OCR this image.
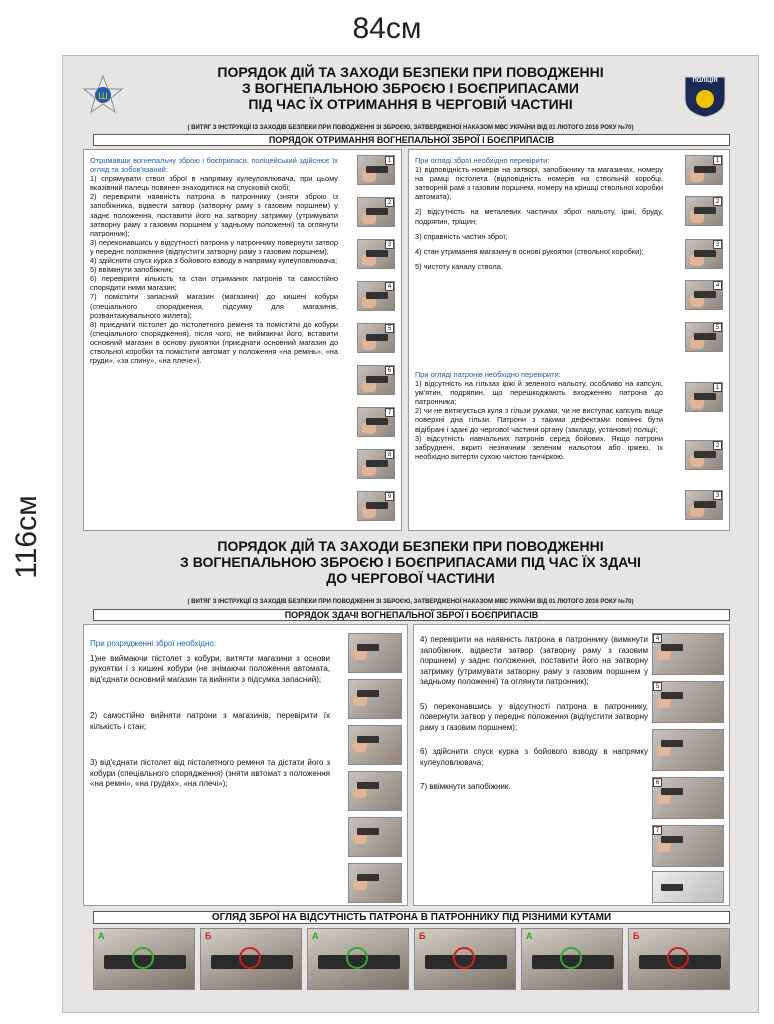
84см
116см
Ш
ПОЛІЦІЯ
ПОРЯДОК ДІЙ ТА ЗАХОДИ БЕЗПЕКИ ПРИ ПОВОДЖЕННІ
З ВОГНЕПАЛЬНОЮ ЗБРОЄЮ І БОЄПРИПАСАМИ
ПІД ЧАС ЇХ ОТРИМАННЯ В ЧЕРГОВІЙ ЧАСТИНІ
( ВИТЯГ З ІНСТРУКЦІЇ ІЗ ЗАХОДІВ БЕЗПЕКИ ПРИ ПОВОДЖЕННІ ЗІ ЗБРОЄЮ, ЗАТВЕРДЖЕНОЇ НАКАЗОМ МВС УКРАЇНИ ВІД 01 ЛЮТОГО 2016 РОКУ №70)
ПОРЯДОК ОТРИМАННЯ ВОГНЕПАЛЬНОЇ ЗБРОЇ І БОЄПРИПАСІВ
Отримавши вогнепальну зброю і боєприпаси, поліцейський здійснює їх огляд та зобов'язаний:
1) спрямувати ствол зброї в напрямку кулеуловлювача, при цьому вказівний палець повинен знаходитися на спусковій скобі;
2) перевірити наявність патрона в патроннику (зняти зброю із запобіжника, відвести затвор (затворну раму з газовим поршнем) у заднє положення, поставити його на затворну затримку (утримувати затворну раму з газовим поршнем у задньому положенні) та оглянути патронник);
3) переконавшись у відсутності патрона у патроннику повернути затвор у переднє положення (відпустити затворну раму з газовим поршнем);
4) здійснити спуск курка з бойового взводу в напрямку кулеуловлювача;
5) ввімкнути запобіжник;
6) перевірити кількість та стан отриманих патронів та самостійно спорядити ними магазин;
7) помістити запасний магазин (магазини) до кишені кобури (спеціального спорядження, підсумку для магазинів, розвантажувального жилета);
8) приєднати пістолет до пістолетного ременя та помістити до кобури (спеціального спорядження), після чого, не виймаючи його, вставити основний магазин в основу рукоятки (приєднати основний магазин до ствольної коробки та помістити автомат у положення «на ремінь», «на груди», «за спину», «на плече»).
1
2
3
4
5
6
7
8
9
При огляді зброї необхідно перевірити:
1) відповідність номерів на затворі, запобіжнику та магазинах, номеру на рамці пістолета (відповідність номерів на ствольній коробці, затворній рамі з газовим поршнем, номеру на кришці ствольної коробки автомата);
2) відсутність на металевих частинах зброї нальоту, іржі, бруду, подряпин, тріщин;
3) справність частин зброї;
4) стан утримання магазину в основі рукоятки (ствольної коробки);
5) чистоту каналу ствола.
При огляді патронів необхідно перевірити:
1) відсутність на гільзах іржі й зеленого нальоту, особливо на капсулі, ум'ятин, подряпин, що перешкоджають входженню патрона до патронника;
2) чи не витягується куля з гільзи руками, чи не виступає капсуль вище поверхні дна гільзи. Патрони з такими дефектами повинні бути відібрані і здані до чергової частини органу (закладу, установи) поліції;
3) відсутність навчальних патронів серед бойових. Якщо патрони забруднені, вкриті незначним зеленим нальотом або іржею, їх необхідно витерти сухою чистою ганчіркою.
1
2
3
4
5
1
2
3
ПОРЯДОК ДІЙ ТА ЗАХОДИ БЕЗПЕКИ ПРИ ПОВОДЖЕННІ
З ВОГНЕПАЛЬНОЮ ЗБРОЄЮ І БОЄПРИПАСАМИ ПІД ЧАС ЇХ ЗДАЧІ
ДО ЧЕРГОВОЇ ЧАСТИНИ
( ВИТЯГ З ІНСТРУКЦІЇ ІЗ ЗАХОДІВ БЕЗПЕКИ ПРИ ПОВОДЖЕННІ ЗІ ЗБРОЄЮ, ЗАТВЕРДЖЕНОЇ НАКАЗОМ МВС УКРАЇНИ ВІД 01 ЛЮТОГО 2016 РОКУ №70)
ПОРЯДОК ЗДАЧІ ВОГНЕПАЛЬНОЇ ЗБРОЇ І БОЄПРИПАСІВ
При розрядженні зброї необхідно:
1)не виймаючи пістолет з кобури, витягти магазини з основи рукоятки і з кишені кобури (не знімаючи положення автомата, від'єднати основний магазин та вийняти з підсумка запасний);
2) самостійно вийняти патрони з магазинів, перевірити їх кількість і стан;
3) від'єднати пістолет від пістолетного ременя та дістати його з кобури (спеціального спорядження) (зняти автомат з положення «на ремні», «на грудях», «на плечі»);
4) перевірити на наявність патрона в патроннику (вимкнути запобіжник, відвести затвор (затворну раму з газовим поршнем) у заднє положення, поставити його на затворну затримку (утримувати затворну раму з газовим поршнем у задньому положенні) та оглянути патронник);
5) переконавшись у відсутності патрона в патроннику, повернути затвор у переднє положення (відпустити затворну раму з газовим поршнем);
6) здійснити спуск курка з бойового взводу в напрямку кулеуловлювача;
7) ввімкнути запобіжник.
4
5
6
7
ОГЛЯД ЗБРОЇ НА ВІДСУТНІСТЬ ПАТРОНА В ПАТРОННИКУ ПІД РІЗНИМИ КУТАМИ
А	Б	А	Б	А	Б
